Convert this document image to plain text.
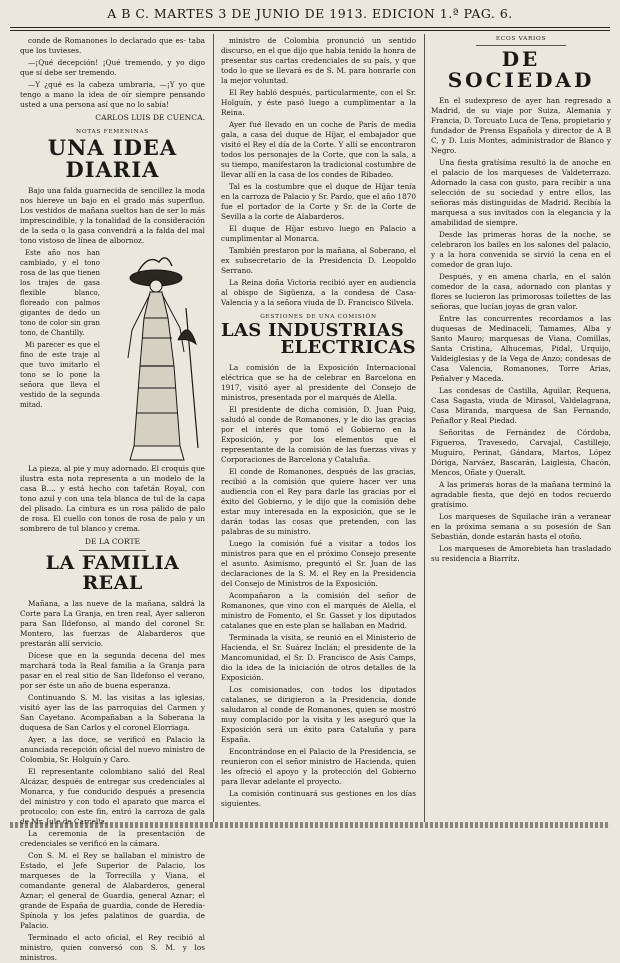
A B C. MARTES 3 DE JUNIO DE 1913. EDICION 1.ª PAG. 6.

conde de Romanones lo declarado que es- taba que los tuvieses.

—¡Qué decepción! ¡Qué tremendo, y yo digo que sí debe ser tremendo.

—Y ¿qué es la cabeza umbraria, —¡Y yo que tengo a mano la idea de oír siempre pensando usted a una persona así que no lo sabía!

CARLOS LUIS DE CUENCA.
NOTAS FEMENINAS
UNA IDEA DIARIA

Bajo una falda guarnecida de sencillez la moda nos hiereve un bajo en el grado más superfluo. Los vestidos de mañana sueltos han de ser lo más imprescindible, y la tonalidad de la consideración de la seda o la gasa convendrá a la falda del mal tono vistoso de línea de albornoz.

Este año nos han cambiado, y el tono rosa de las que tienen los trajes de gasa flexible blanco, floreado con palmos gigantes de dedo un tono de color sin gran tono, de Chantilly.

Mi parecer es que el fino de este traje al que tuvo imitarlo el tono se lo pone la señora que lleva el vestido de la segunda mitad.

La pieza, al pie y muy adornado. El croquis que ilustra esta nota representa a un modelo de la casa B.... y está hecho con tafetán Royal, con tono azul y con una tela blanca de tul de la capa del plisado. La cintura es un rosa pálido de palo de rosa. El cuello con tonos de rosa de palo y un sombrero de tul blanco y crema.

DE LA CORTE
LA FAMILIA REAL

Mañana, a las nueve de la mañana, saldrá la Corte para La Granja, en tren real, Ayer salieron para San Ildefonso, al mando del coronel Sr. Montero, las fuerzas de Alabarderos que prestarán allí servicio.

Dícese que en la segunda decena del mes marchará toda la Real familia a la Granja para pasar en el real sitio de San Ildefonso el verano, por ser éste un año de buena esperanza.

Continuando S. M. las visitas a las iglesias, visitó ayer las de las parroquias del Carmen y San Cayetano. Acompañaban a la Soberana la duquesa de San Carlos y el coronel Elorriaga.

Ayer, a las doce, se verificó en Palacio la anunciada recepción oficial del nuevo ministro de Colombia, Sr. Holguín y Caro.

El representante colombiano salió del Real Alcázar, después de entregar sus credenciales al Monarca, y fue conducido después a presencia del ministro y con todo el aparato que marca el protocolo; con este fin, entró la carroza de gala

La ceremonia de la presentación de credenciales se verificó en la cámara.

Con S. M. el Rey se hallaban el ministro de Estado, el Jefe Superior de Palacio, los marqueses de la Torrecilla y Viana, el comandante general de Alabarderos, general Aznar; el general de Guardia, general Aznar; el grande de España de guardia, conde de Heredia-Spínola y los jefes palatinos de guardia, de Palacio.

Terminado el acto oficial, el Rey recibió al ministro, quien conversó con S. M. y los ministros.

ministro de Colombia pronunció un sentido discurso, en el que dijo que había tenido la honra de presentar sus cartas credenciales de su país, y que todo lo que se llevará es de S. M. para honrarle con la mejor voluntad.

El Rey habló después, particularmente, con el Sr. Holguín, y éste pasó luego a cumplimentar a la Reina.

Ayer fué llevado en un coche de París de media gala, a casa del duque de Híjar, el embajador que visitó el Rey el día de la Corte. Y allí se encontraron todos los personajes de la Corte, que con la sala, a su tiempo, manifestaron la tradicional costumbre de llevar allí en la casa de los condes de Ribadeo.

Tal es la costumbre que el duque de Híjar tenía en la carroza de Palacio y Sr. Pardo, que el año 1870 fue el portador de la Corte y Sr. de la Corte de Sevilla a la corte de Alabarderos.

El duque de Híjar estuvo luego en Palacio a cumplimentar al Monarca.

También prestaron por la mañana, al Soberano, el ex subsecretario de la Presidencia D. Leopoldo Serrano.

La Reina doña Victoria recibió ayer en audiencia al obispo de Sigüenza, a la condesa de Casa-Valencia y a la señora viuda de D. Francisco Silvela.

GESTIONES DE UNA COMISIÓN
LAS INDUSTRIAS
ELECTRICAS

La comisión de la Exposición Internacional eléctrica que se ha de celebrar en Barcelona en 1917, visitó ayer al presidente del Consejo de ministros, presentada por el marqués de Alella.

El presidente de dicha comisión, D. Juan Puig, saludó al conde de Romanones, y le dio las gracias por el interés que tomó el Gobierno en la Exposición, y por los elementos que el representante de la comisión de las fuerzas vivas y Corporaciones de Barcelona y Cataluña.

El conde de Romanones, después de las gracias, recibió a la comisión que quiere hacer ver una audiencia con el Rey para darle las gracias por el éxito del Gobierno, y le dijo que la comisión debe estar muy interesada en la exposición, que se le darán todas las cosas que pretenden, con las palabras de su ministro.

Luego la comisión fué a visitar a todos los ministros para que en el próximo Consejo presente el asunto. Asimismo, preguntó el Sr. Juan de las declaraciones de la S. M. el Rey en la Presidencia del Consejo de Ministros de la Exposición.

Acompañaron a la comisión del señor de Romanones, que vino con el marqués de Alella, el ministro de Fomento, el Sr. Gasset y los diputados catalanes que en este plan se hallaban en Madrid.

Terminada la visita, se reunió en el Ministerio de Hacienda, el Sr. Suárez Inclán; el presidente de la Mancomunidad, el Sr. D. Francisco de Asís Camps, dio la idea de la iniciación de otros detalles de la Exposición.

Los comisionados, con todos los diputados catalanes, se dirigieron a la Presidencia, donde saludaron al conde de Romanones, quien se mostró muy complacido por la visita y les aseguró que la Exposición será un éxito para Cataluña y para España.

Encontrándose en el Palacio de la Presidencia, se reunieron con el señor ministro de Hacienda, quien les ofreció el apoyo y la protección del Gobierno para llevar adelante el proyecto.

La comisión continuará sus gestiones en los días siguientes.

ECOS VARIOS
DE SOCIEDAD

En el sudexpreso de ayer han regresado a Madrid, de su viaje por Suiza, Alemania y Francia, D. Torcuato Luca de Tena, propietario y fundador de Prensa Española y director de A B C, y D. Luis Montes, administrador de Blanco y Negro.

Una fiesta gratísima resultó la de anoche en el palacio de los marqueses de Valdeterrazo. Adornado la casa con gusto, para recibir a una selección de su sociedad y entre ellos, las señoras más distinguidas de Madrid. Recibía la marquesa a sus invitados con la elegancia y la amabilidad de siempre.

Desde las primeras horas de la noche, se celebraron los bailes en los salones del palacio, y a la hora convenida se sirvió la cena en el comedor de gran lujo.

Después, y en amena charla, en el salón comedor de la casa, adornado con plantas y flores se lucieron las primorosas toilettes de las señoras, que lucían joyas de gran valor.

Entre las concurrentes recordamos a las duquesas de Medinaceli, Tamames, Alba y Santo Mauro; marquesas de Viana, Comillas, Santa Cristina, Alhucemas, Pidal, Urquijo, Valdeiglesias y de la Vega de Anzo; condesas de Casa Valencia, Romanones, Torre Arias, Peñalver y Maceda.

Las condesas de Castilla, Aguilar, Requena, Casa Sagasta, viuda de Mirasol, Valdelagrana, Casa Miranda, marquesa de San Fernando, Peñaflor y Real Piedad.

Señoritas de Fernández de Córdoba, Figueroa, Travesedo, Carvajal, Castillejo, Muguiro, Perinat, Gándara, Martos, López Dóriga, Narváez, Bascarán, Laiglesia, Chacón, Mencos, Oñate y Queralt.

A las primeras horas de la mañana terminó la agradable fiesta, que dejó en todos recuerdo gratísimo.

Los marqueses de Squilache irán a veranear en la próxima semana a su posesión de San Sebastián, donde estarán hasta el otoño.

Los marqueses de Amorebieta han trasladado su residencia a Biarritz.
